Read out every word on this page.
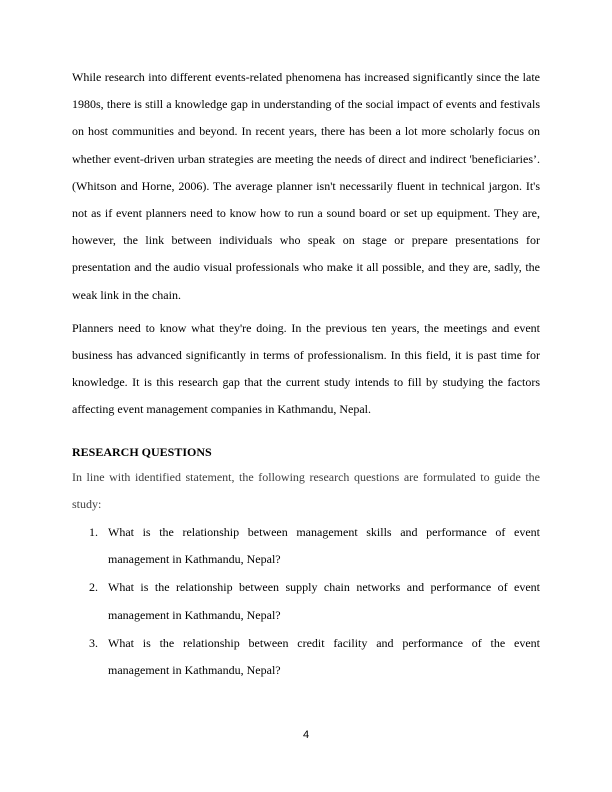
While research into different events-related phenomena has increased significantly since the late 1980s, there is still a knowledge gap in understanding of the social impact of events and festivals on host communities and beyond. In recent years, there has been a lot more scholarly focus on whether event-driven urban strategies are meeting the needs of direct and indirect 'beneficiaries’. (Whitson and Horne, 2006). The average planner isn't necessarily fluent in technical jargon. It's not as if event planners need to know how to run a sound board or set up equipment. They are, however, the link between individuals who speak on stage or prepare presentations for presentation and the audio visual professionals who make it all possible, and they are, sadly, the weak link in the chain.

Planners need to know what they're doing. In the previous ten years, the meetings and event business has advanced significantly in terms of professionalism. In this field, it is past time for knowledge. It is this research gap that the current study intends to fill by studying the factors affecting event management companies in Kathmandu, Nepal.

RESEARCH QUESTIONS

In line with identified statement, the following research questions are formulated to guide the study:

1. What is the relationship between management skills and performance of event management in Kathmandu, Nepal?
2. What is the relationship between supply chain networks and performance of event management in Kathmandu, Nepal?
3. What is the relationship between credit facility and performance of the event management in Kathmandu, Nepal?
4
